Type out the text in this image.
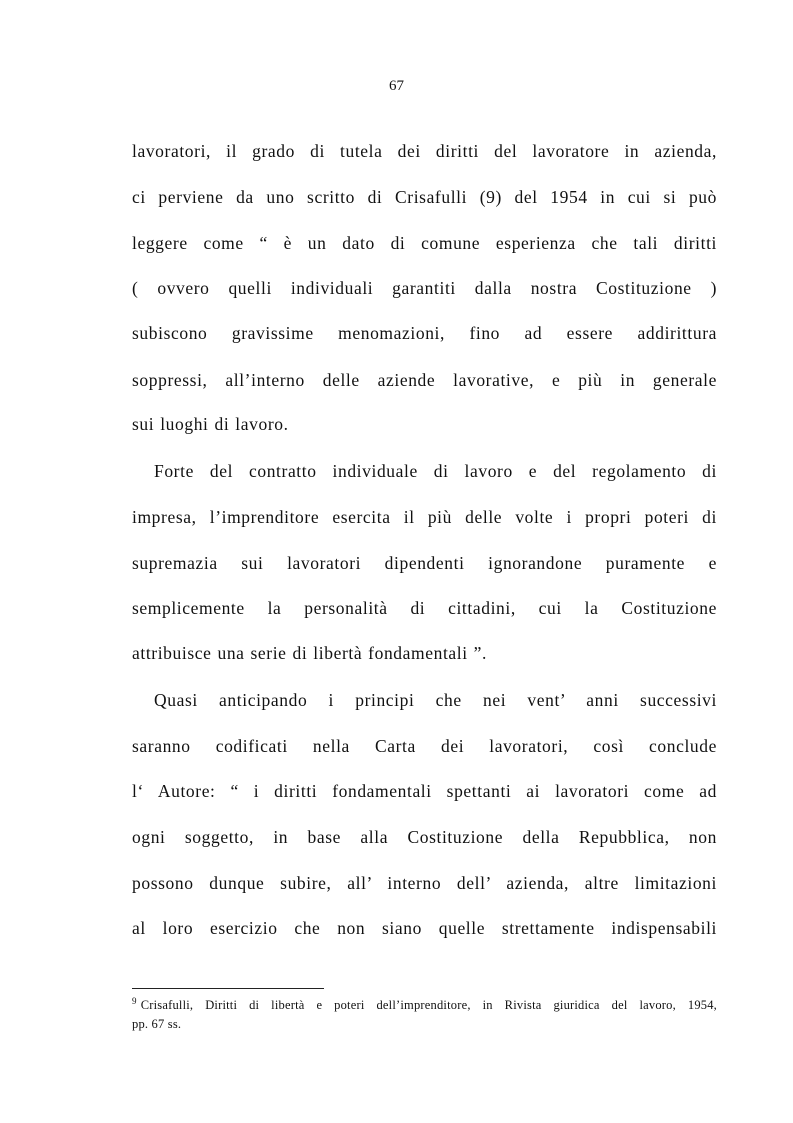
67
lavoratori, il grado di tutela dei diritti del lavoratore in azienda,
ci perviene da uno scritto di Crisafulli (9) del 1954 in cui si può
leggere come “ è un dato di comune esperienza che tali diritti
( ovvero quelli individuali garantiti dalla nostra Costituzione )
subiscono gravissime menomazioni, fino ad essere addirittura
soppressi, all’interno delle aziende lavorative, e più in generale
sui luoghi di lavoro.
Forte del contratto individuale di lavoro e del regolamento di
impresa, l’imprenditore esercita il più delle volte i propri poteri di
supremazia sui lavoratori dipendenti ignorandone puramente e
semplicemente la personalità di cittadini, cui la Costituzione
attribuisce una serie di libertà fondamentali ”.
Quasi anticipando i principi che nei vent’ anni successivi
saranno codificati nella Carta dei lavoratori, così conclude
l‘ Autore: “ i diritti fondamentali spettanti ai lavoratori come ad
ogni soggetto, in base alla Costituzione della Repubblica, non
possono dunque subire, all’ interno dell’ azienda, altre limitazioni
al loro esercizio che non siano quelle strettamente indispensabili
$^9$ Crisafulli, Diritti di libertà e poteri dell’imprenditore, in Rivista giuridica del lavoro, 1954,
pp. 67 ss.
